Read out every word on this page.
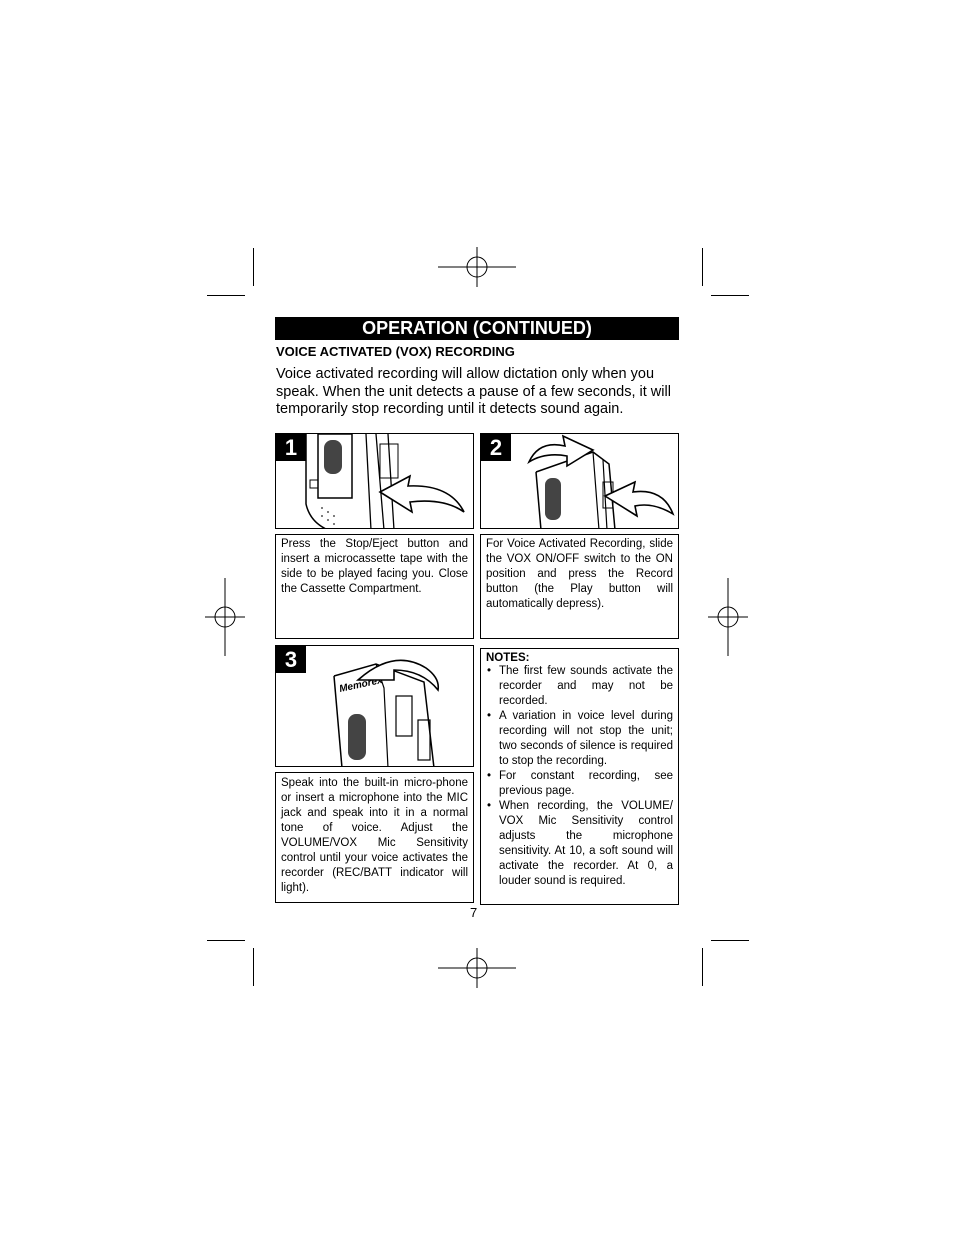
OPERATION (CONTINUED)
VOICE ACTIVATED (VOX) RECORDING
Voice activated recording will allow dictation only when you speak. When the unit detects a pause of a few seconds, it will temporarily stop recording until it detects sound again.
1	2
Press the Stop/Eject button and insert a microcassette tape with the side to be played facing you. Close the Cassette Compartment.
For Voice Activated Recording, slide the VOX ON/OFF switch to the ON position and press the Record button (the Play button will automatically depress).
Memorex
3
Speak into the built-in micro-phone or insert a microphone into the MIC jack and speak into it in a normal tone of voice. Adjust the VOLUME/VOX Mic Sensitivity control until your voice activates the recorder (REC/BATT indicator will light).
NOTES:
• The first few sounds activate the recorder and may not be recorded.
• A variation in voice level during recording will not stop the unit; two seconds of silence is required to stop the recording.
• For constant recording, see previous page.
• When recording, the VOLUME/ VOX Mic Sensitivity control adjusts the microphone sensitivity. At 10, a soft sound will activate the recorder. At 0, a louder sound is required.
7
